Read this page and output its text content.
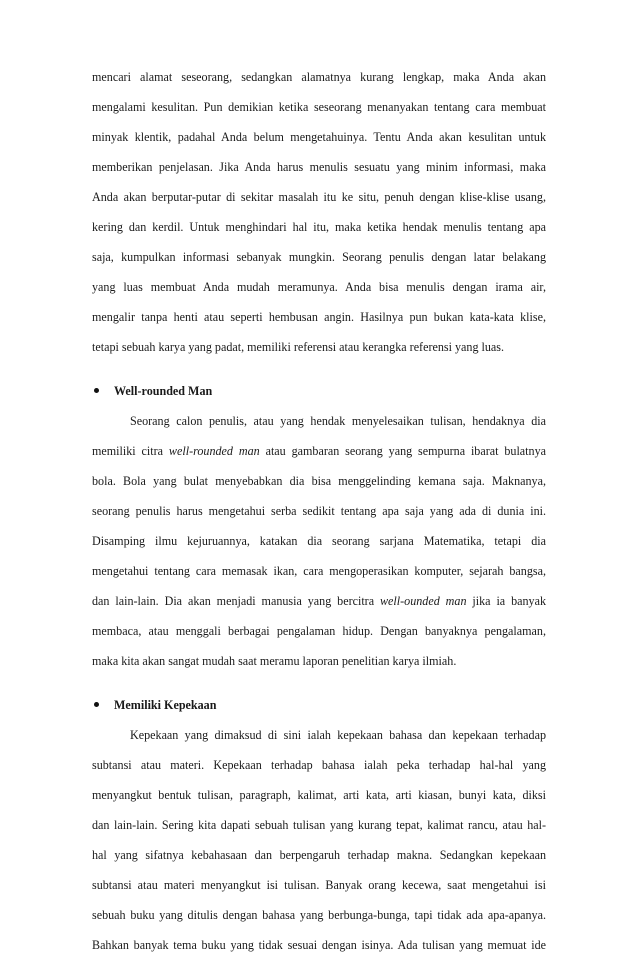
mencari alamat seseorang, sedangkan alamatnya kurang lengkap, maka Anda akan
mengalami kesulitan. Pun demikian ketika seseorang menanyakan tentang cara membuat
minyak klentik, padahal Anda belum mengetahuinya. Tentu Anda akan kesulitan untuk
memberikan penjelasan. Jika Anda harus menulis sesuatu yang minim informasi, maka
Anda akan berputar-putar di sekitar masalah itu ke situ, penuh dengan klise-klise usang,
kering dan kerdil. Untuk menghindari hal itu, maka ketika hendak menulis tentang apa
saja, kumpulkan informasi sebanyak mungkin. Seorang penulis dengan latar belakang
yang luas membuat Anda mudah meramunya. Anda bisa menulis dengan irama air,
mengalir tanpa henti atau seperti hembusan angin. Hasilnya pun bukan kata-kata klise,
tetapi sebuah karya yang padat, memiliki referensi atau kerangka referensi yang luas.
Well-rounded Man
Seorang calon penulis, atau yang hendak menyelesaikan tulisan, hendaknya dia
memiliki citra well-rounded man atau gambaran seorang yang sempurna ibarat bulatnya
bola. Bola yang bulat menyebabkan dia bisa menggelinding kemana saja. Maknanya,
seorang penulis harus mengetahui serba sedikit tentang apa saja yang ada di dunia ini.
Disamping ilmu kejuruannya, katakan dia seorang sarjana Matematika, tetapi dia
mengetahui tentang cara memasak ikan, cara mengoperasikan komputer, sejarah bangsa,
dan lain-lain. Dia akan menjadi manusia yang bercitra well-ounded man jika ia banyak
membaca, atau menggali berbagai pengalaman hidup. Dengan banyaknya pengalaman,
maka kita akan sangat mudah saat meramu laporan penelitian karya ilmiah.
Memiliki Kepekaan
Kepekaan yang dimaksud di sini ialah kepekaan bahasa dan kepekaan terhadap
subtansi atau materi. Kepekaan terhadap bahasa ialah peka terhadap hal-hal yang
menyangkut bentuk tulisan, paragraph, kalimat, arti kata, arti kiasan, bunyi kata, diksi
dan lain-lain. Sering kita dapati sebuah tulisan yang kurang tepat, kalimat rancu, atau hal-
hal yang sifatnya kebahasaan dan berpengaruh terhadap makna. Sedangkan kepekaan
subtansi atau materi menyangkut isi tulisan. Banyak orang kecewa, saat mengetahui isi
sebuah buku yang ditulis dengan bahasa yang berbunga-bunga, tapi tidak ada apa-apanya.
Bahkan banyak tema buku yang tidak sesuai dengan isinya. Ada tulisan yang memuat ide
